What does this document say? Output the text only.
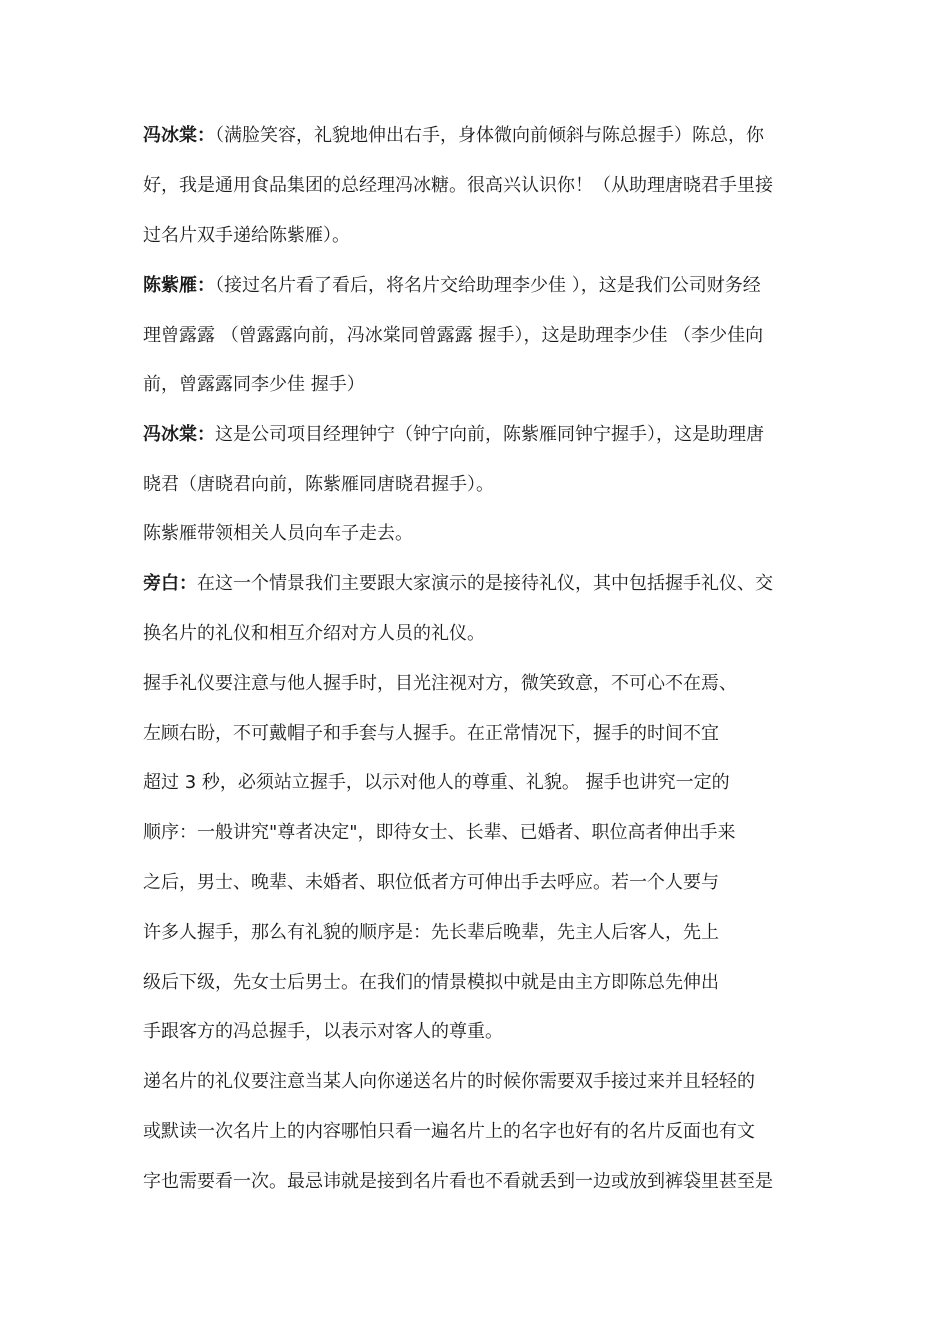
冯冰棠：（满脸笑容，礼貌地伸出右手，身体微向前倾斜与陈总握手）陈总，你
好，我是通用食品集团的总经理冯冰糖。很高兴认识你！（从助理唐晓君手里接
过名片双手递给陈紫雁）。
陈紫雁：（接过名片看了看后，将名片交给助理李少佳 ），这是我们公司财务经
理曾露露 （曾露露向前，冯冰棠同曾露露 握手），这是助理李少佳 （李少佳向
前，曾露露同李少佳 握手）
冯冰棠：这是公司项目经理钟宁（钟宁向前，陈紫雁同钟宁握手），这是助理唐
晓君（唐晓君向前，陈紫雁同唐晓君握手）。
陈紫雁带领相关人员向车子走去。
旁白：在这一个情景我们主要跟大家演示的是接待礼仪，其中包括握手礼仪、交
换名片的礼仪和相互介绍对方人员的礼仪。
握手礼仪要注意与他人握手时，目光注视对方，微笑致意，不可心不在焉、
左顾右盼，不可戴帽子和手套与人握手。在正常情况下，握手的时间不宜
超过 3 秒，必须站立握手，以示对他人的尊重、礼貌。 握手也讲究一定的
顺序：一般讲究"尊者决定"，即待女士、长辈、已婚者、职位高者伸出手来
之后，男士、晚辈、未婚者、职位低者方可伸出手去呼应。若一个人要与
许多人握手，那么有礼貌的顺序是：先长辈后晚辈，先主人后客人，先上
级后下级，先女士后男士。在我们的情景模拟中就是由主方即陈总先伸出
手跟客方的冯总握手，以表示对客人的尊重。
递名片的礼仪要注意当某人向你递送名片的时候你需要双手接过来并且轻轻的
或默读一次名片上的内容哪怕只看一遍名片上的名字也好有的名片反面也有文
字也需要看一次。最忌讳就是接到名片看也不看就丢到一边或放到裤袋里甚至是
